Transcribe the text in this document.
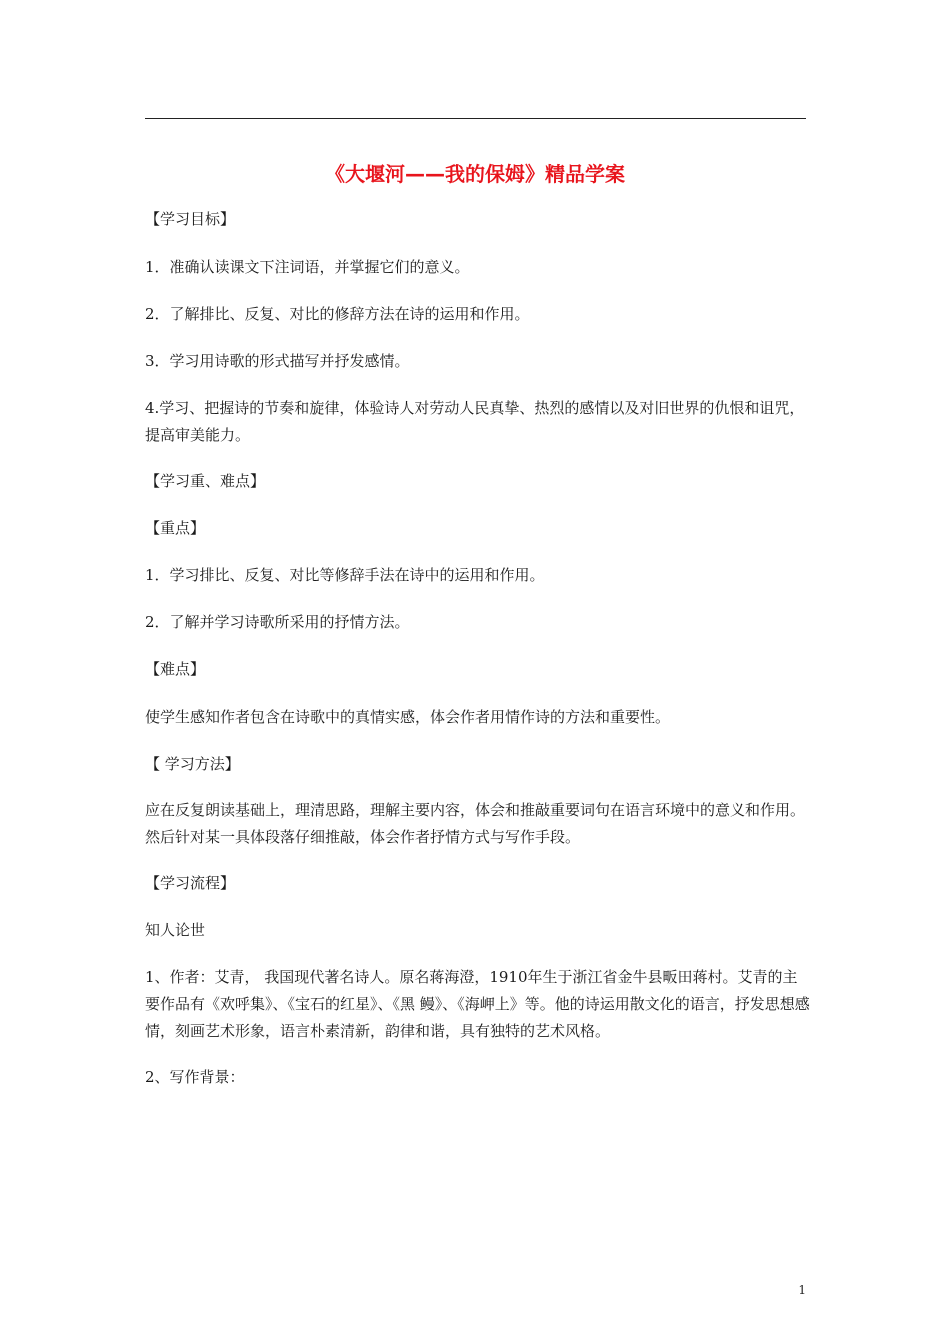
《大堰河——我的保姆》精品学案

【学习目标】

1．准确认读课文下注词语，并掌握它们的意义。

2．了解排比、反复、对比的修辞方法在诗的运用和作用。

3．学习用诗歌的形式描写并抒发感情。

4.学习、把握诗的节奏和旋律，体验诗人对劳动人民真挚、热烈的感情以及对旧世界的仇恨和诅咒，提高审美能力。

【学习重、难点】

【重点】

1．学习排比、反复、对比等修辞手法在诗中的运用和作用。

2．了解并学习诗歌所采用的抒情方法。

【难点】

使学生感知作者包含在诗歌中的真情实感，体会作者用情作诗的方法和重要性。

【 学习方法】

应在反复朗读基础上，理清思路，理解主要内容，体会和推敲重要词句在语言环境中的意义和作用。然后针对某一具体段落仔细推敲，体会作者抒情方式与写作手段。

【学习流程】

知人论世

1、作者：艾青， 我国现代著名诗人。原名蒋海澄，1910年生于浙江省金牛县畈田蒋村。艾青的主要作品有《欢呼集》、《宝石的红星》、《黑 鳗》、《海岬上》等。他的诗运用散文化的语言，抒发思想感情，刻画艺术形象，语言朴素清新，韵律和谐，具有独特的艺术风格。

2、写作背景：

1
